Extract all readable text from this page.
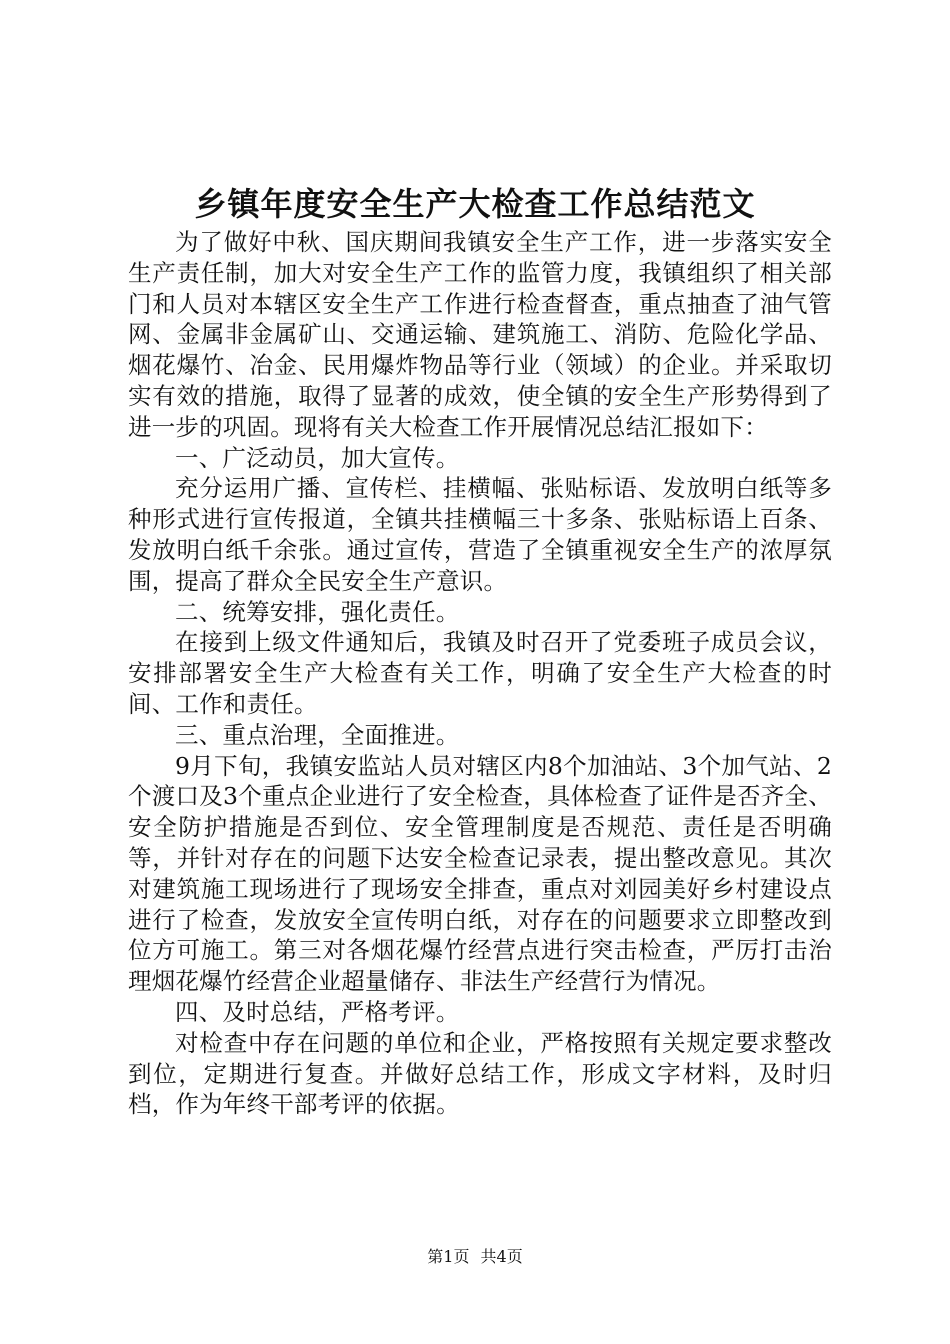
乡镇年度安全生产大检查工作总结范文

为了做好中秋、国庆期间我镇安全生产工作，进一步落实安全生产责任制，加大对安全生产工作的监管力度，我镇组织了相关部门和人员对本辖区安全生产工作进行检查督查，重点抽查了油气管网、金属非金属矿山、交通运输、建筑施工、消防、危险化学品、烟花爆竹、冶金、民用爆炸物品等行业（领域）的企业。并采取切实有效的措施，取得了显著的成效，使全镇的安全生产形势得到了进一步的巩固。现将有关大检查工作开展情况总结汇报如下：

一、广泛动员，加大宣传。

充分运用广播、宣传栏、挂横幅、张贴标语、发放明白纸等多种形式进行宣传报道，全镇共挂横幅三十多条、张贴标语上百条、发放明白纸千余张。通过宣传，营造了全镇重视安全生产的浓厚氛围，提高了群众全民安全生产意识。

二、统筹安排，强化责任。

在接到上级文件通知后，我镇及时召开了党委班子成员会议，安排部署安全生产大检查有关工作，明确了安全生产大检查的时间、工作和责任。

三、重点治理，全面推进。

9月下旬，我镇安监站人员对辖区内8个加油站、3个加气站、2个渡口及3个重点企业进行了安全检查，具体检查了证件是否齐全、安全防护措施是否到位、安全管理制度是否规范、责任是否明确等，并针对存在的问题下达安全检查记录表，提出整改意见。其次对建筑施工现场进行了现场安全排查，重点对刘园美好乡村建设点进行了检查，发放安全宣传明白纸，对存在的问题要求立即整改到位方可施工。第三对各烟花爆竹经营点进行突击检查，严厉打击治理烟花爆竹经营企业超量储存、非法生产经营行为情况。

四、及时总结，严格考评。

对检查中存在问题的单位和企业，严格按照有关规定要求整改到位，定期进行复查。并做好总结工作，形成文字材料，及时归档，作为年终干部考评的依据。

第1页 共4页
